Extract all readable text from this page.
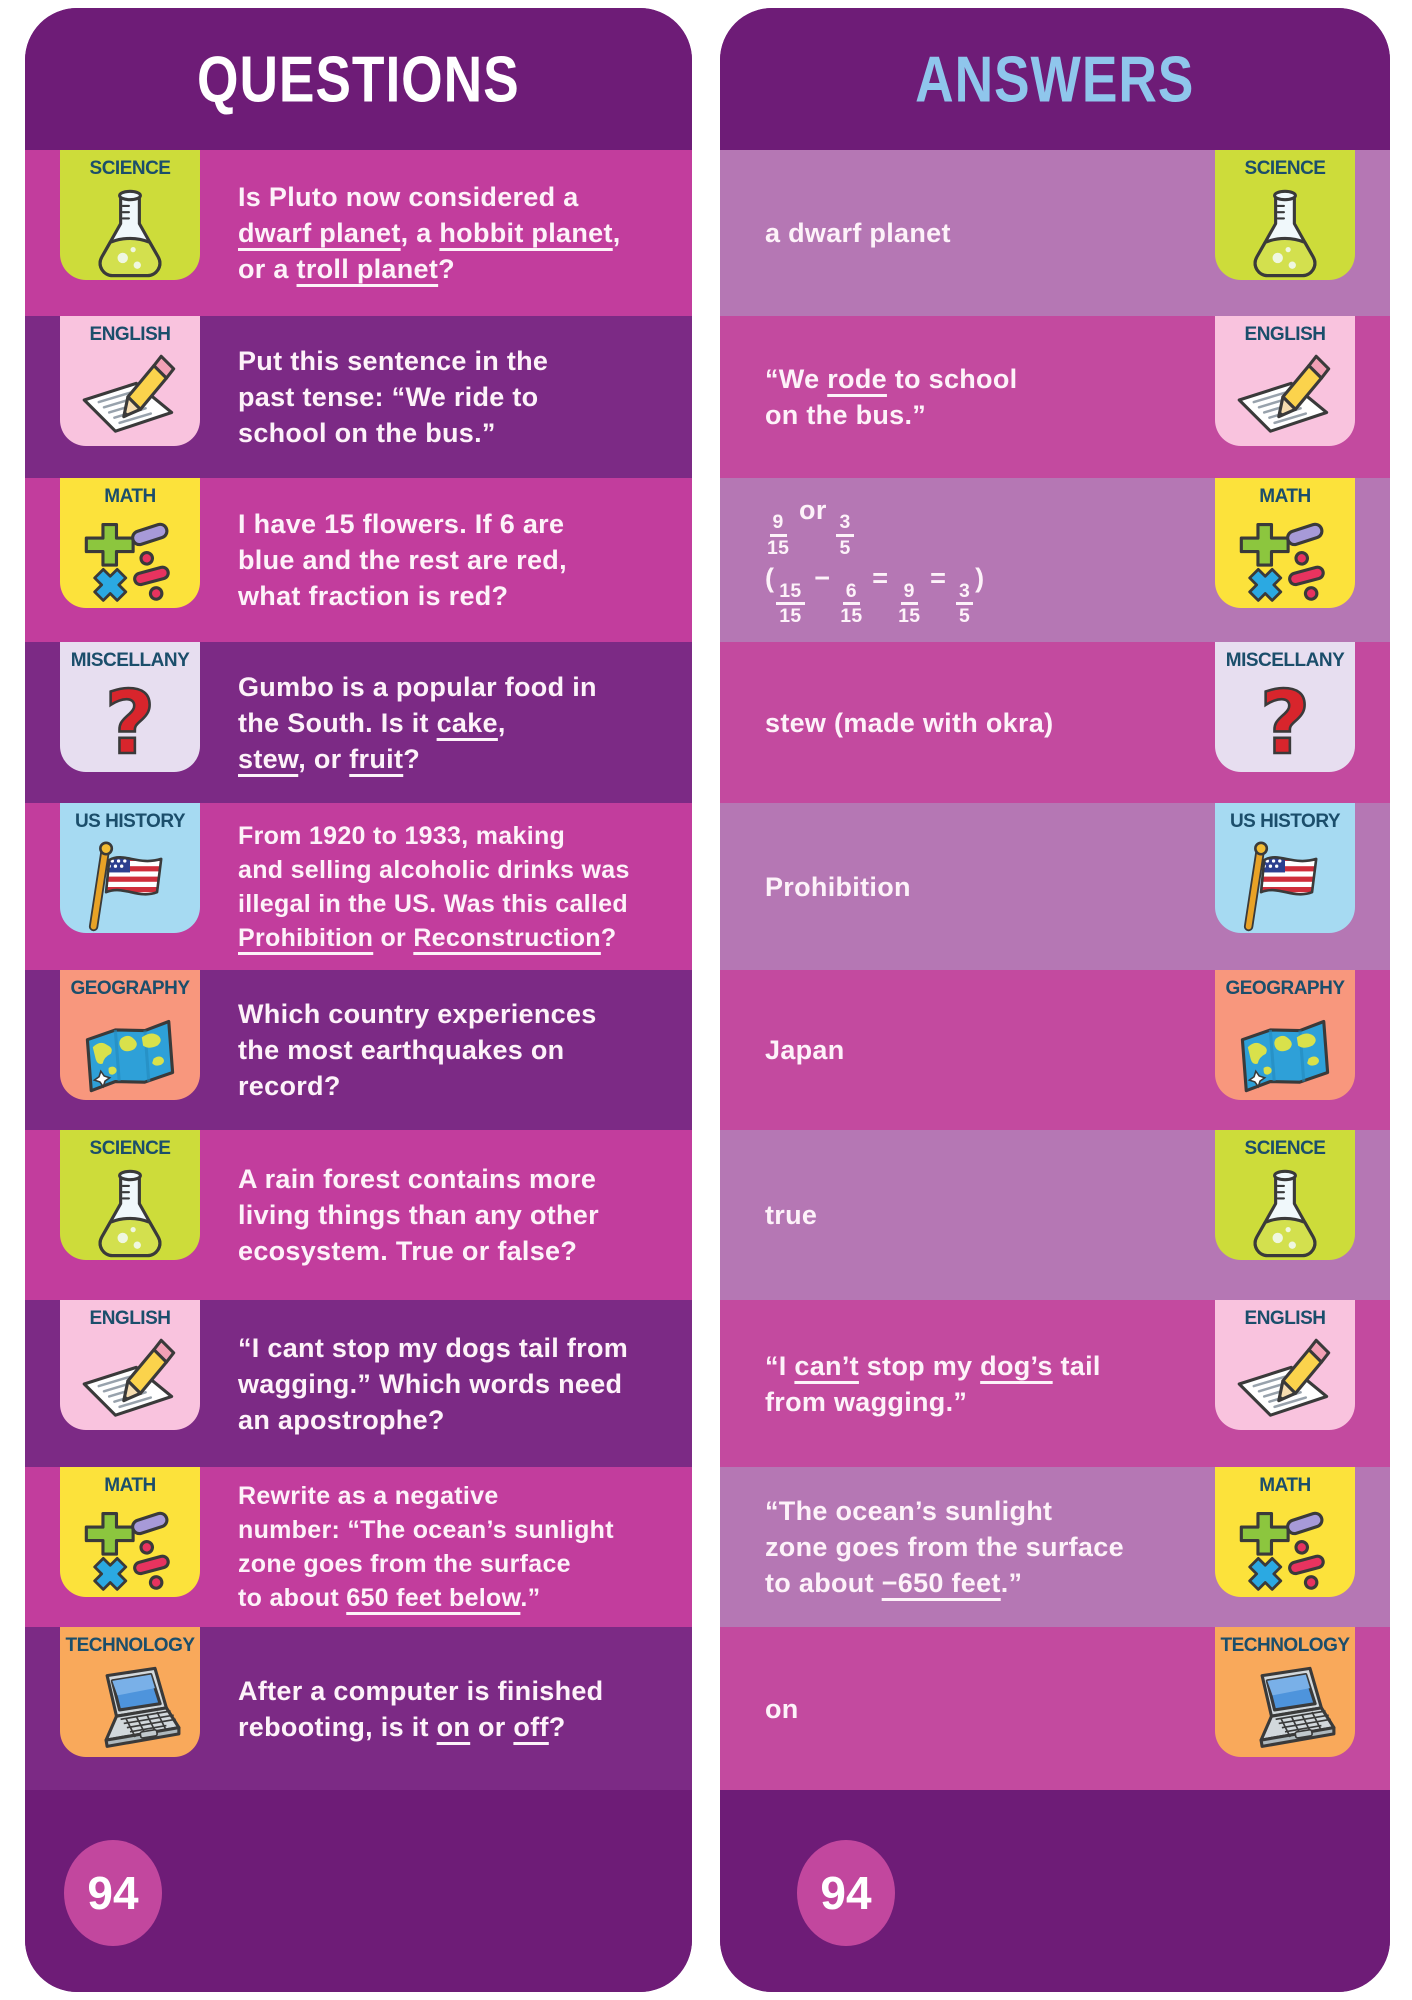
QUESTIONS
SCIENCE
Is Pluto now considered a
dwarf planet, a hobbit planet,
or a troll planet?
ENGLISH
Put this sentence in the
past tense: “We ride to
school on the bus.”
MATH
I have 15 flowers. If 6 are
blue and the rest are red,
what fraction is red?
MISCELLANY
Gumbo is a popular food in
the South. Is it cake,
stew, or fruit?
US HISTORY	From 1920 to 1933, making
and selling alcoholic drinks was
illegal in the US. Was this called
Prohibition or Reconstruction?
GEOGRAPHY
Which country experiences
the most earthquakes on
record?
SCIENCE
A rain forest contains more
living things than any other
ecosystem. True or false?
ENGLISH
“I cant stop my dogs tail from
wagging.” Which words need
an apostrophe?
MATH	Rewrite as a negative
number: “The ocean’s sunlight
zone goes from the surface
to about 650 feet below.”
TECHNOLOGY
After a computer is finished
rebooting, is it on or off?
94
ANSWERS
a dwarf planet
SCIENCE
“We rode to school
on the bus.”
ENGLISH
$\frac{9}{15}$
or
$\frac{3}{5}$

(
$\frac{15}{15}$
−
$\frac{6}{15}$
=
$\frac{9}{15}$
=
$\frac{3}{5}$
)
MATH
stew (made with okra)
MISCELLANY
Prohibition
US HISTORY
Japan
GEOGRAPHY
true
SCIENCE
“I can’t stop my dog’s tail
from wagging.”
ENGLISH
“The ocean’s sunlight
zone goes from the surface
to about −650 feet.”
MATH
on
TECHNOLOGY
94
